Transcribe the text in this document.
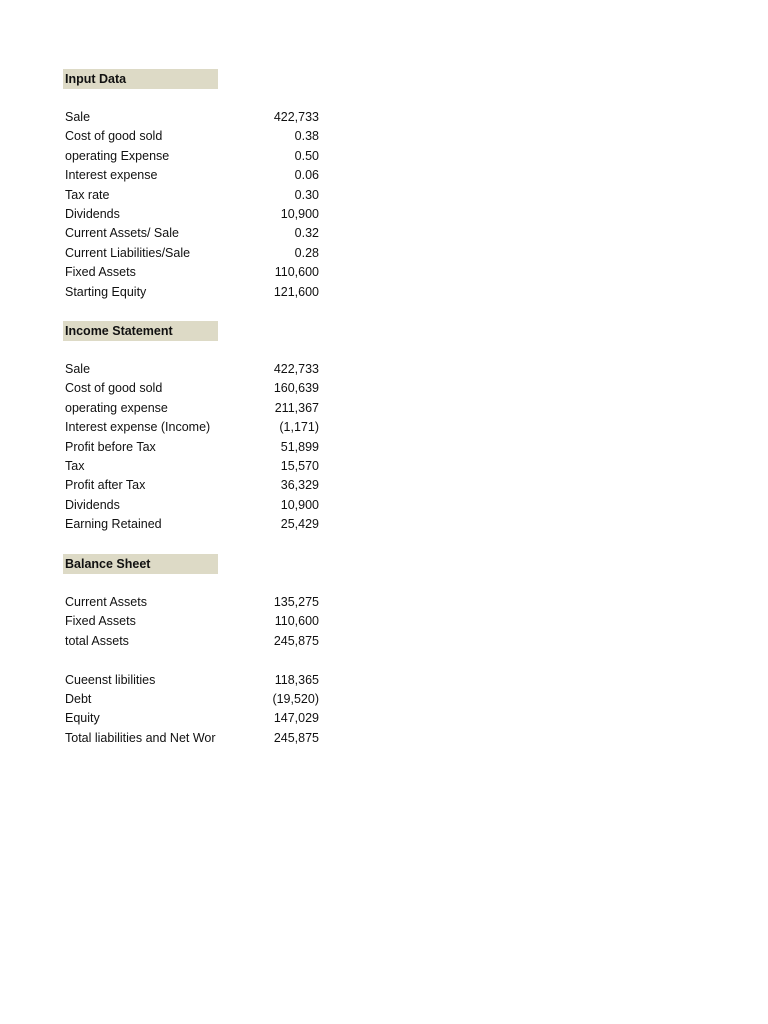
Input Data
Sale	422,733
Cost of good sold	0.38
operating Expense	0.50
Interest expense	0.06
Tax rate	0.30
Dividends	10,900
Current Assets/ Sale	0.32
Current Liabilities/Sale	0.28
Fixed Assets	110,600
Starting Equity	121,600
Income Statement
Sale	422,733
Cost of good sold	160,639
operating expense	211,367
Interest expense (Income)	(1,171)
Profit before Tax	51,899
Tax	15,570
Profit after Tax	36,329
Dividends	10,900
Earning Retained	25,429
Balance Sheet
Current Assets	135,275
Fixed Assets	110,600
total Assets	245,875
Cueenst libilities	118,365
Debt	(19,520)
Equity	147,029
Total liabilities and Net Wor	245,875
